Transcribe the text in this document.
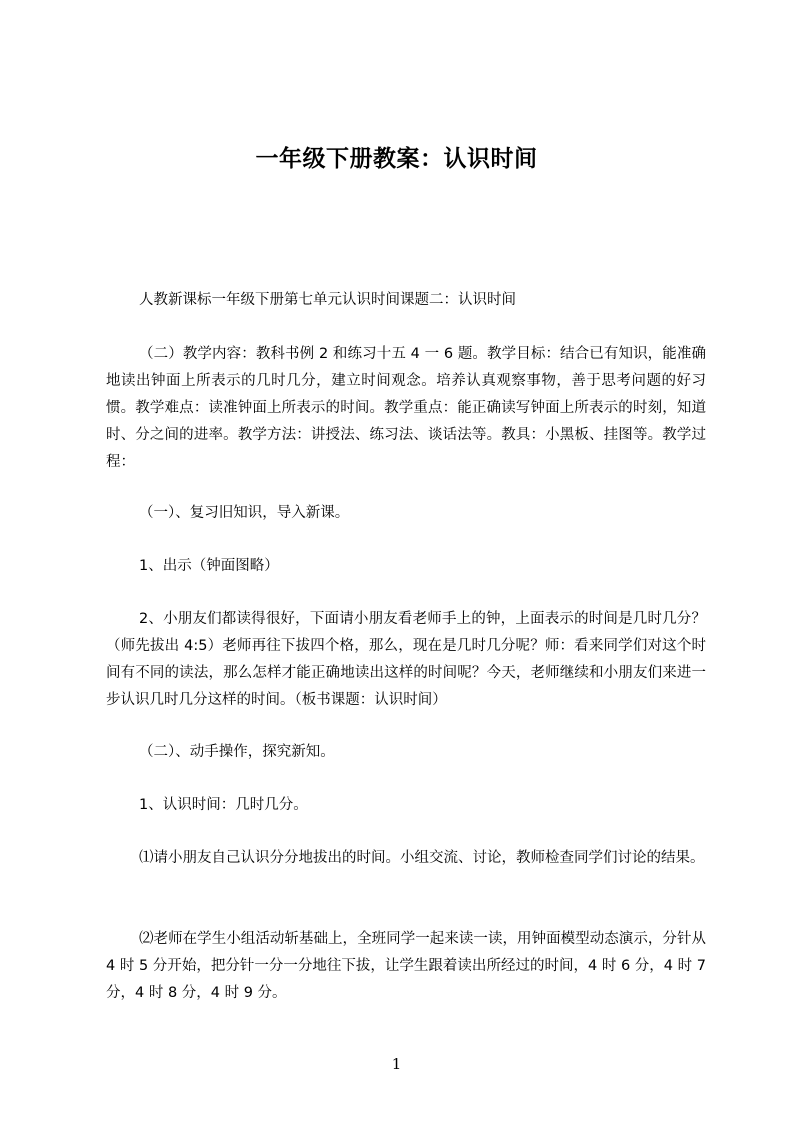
一年级下册教案：认识时间
人教新课标一年级下册第七单元认识时间课题二：认识时间
（二）教学内容：教科书例 2 和练习十五 4 一 6 题。教学目标：结合已有知识，能准确地读出钟面上所表示的几时几分，建立时间观念。培养认真观察事物，善于思考问题的好习惯。教学难点：读准钟面上所表示的时间。教学重点：能正确读写钟面上所表示的时刻，知道时、分之间的进率。教学方法：讲授法、练习法、谈话法等。教具：小黑板、挂图等。教学过程：
（一）、复习旧知识，导入新课。
1、出示（钟面图略）
2、小朋友们都读得很好，下面请小朋友看老师手上的钟，上面表示的时间是几时几分？（师先拔出 4:5）老师再往下拔四个格，那么，现在是几时几分呢？师：看来同学们对这个时间有不同的读法，那么怎样才能正确地读出这样的时间呢？今天，老师继续和小朋友们来进一步认识几时几分这样的时间。（板书课题：认识时间）
（二）、动手操作，探究新知。
1、认识时间：几时几分。
⑴请小朋友自己认识分分地拔出的时间。小组交流、讨论，教师检查同学们讨论的结果。
⑵老师在学生小组活动斩基础上，全班同学一起来读一读，用钟面模型动态演示，分针从 4 时 5 分开始，把分针一分一分地往下拔，让学生跟着读出所经过的时间，4 时 6 分，4 时 7 分，4 时 8 分，4 时 9 分。
1
